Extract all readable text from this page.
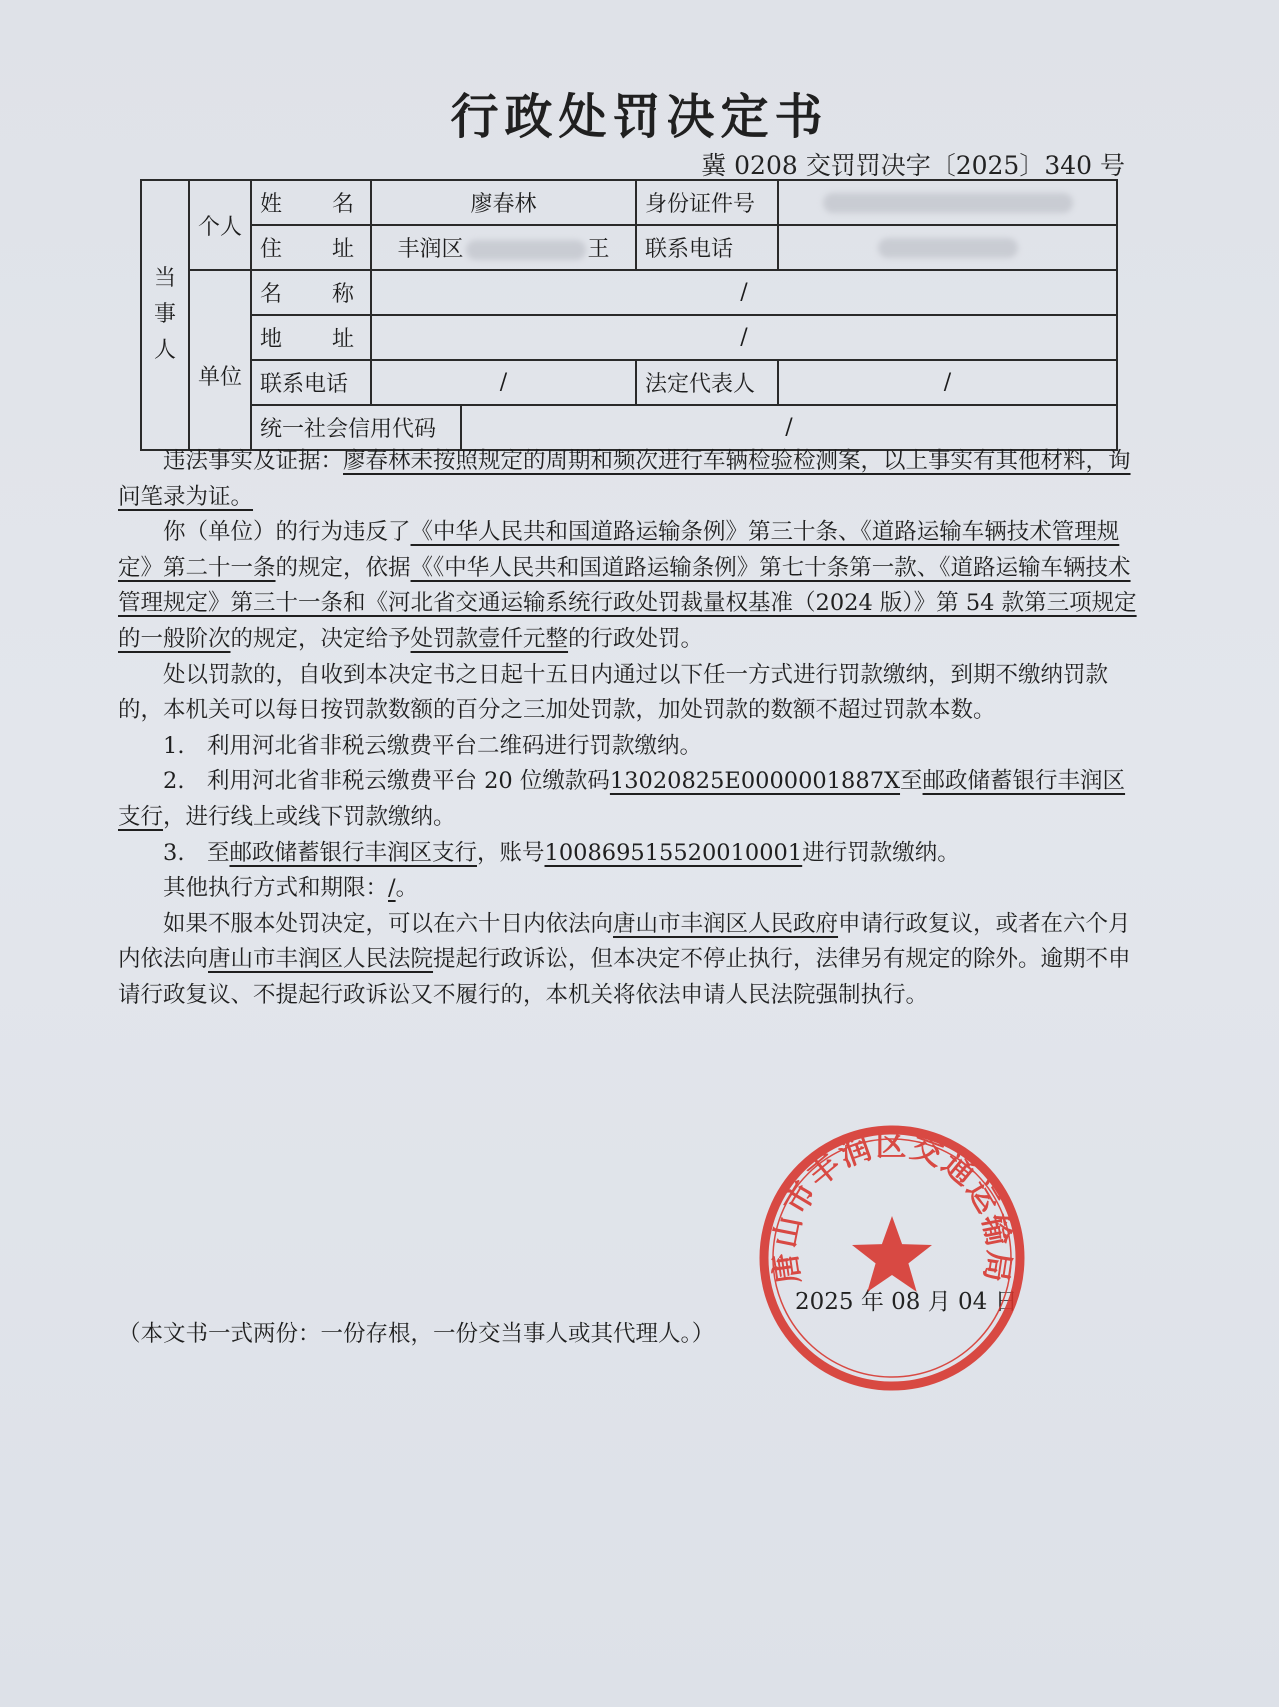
行政处罚决定书
冀 0208 交罚罚决字〔2025〕340 号
当事人	个人	姓　　名	廖春林		身份证件号	
		住　　址	丰润区 王		联系电话	
	单位	名　　称	/			
		地　　址	/			
		联系电话	/		法定代表人	/
		统一社会信用代码		/		

违法事实及证据：廖春林未按照规定的周期和频次进行车辆检验检测案，以上事实有其他材料，询问笔录为证。

你（单位）的行为违反了《中华人民共和国道路运输条例》第三十条、《道路运输车辆技术管理规定》第二十一条的规定，依据《《中华人民共和国道路运输条例》第七十条第一款、《道路运输车辆技术管理规定》第三十一条和《河北省交通运输系统行政处罚裁量权基准（2024 版）》第 54 款第三项规定的一般阶次的规定，决定给予处罚款壹仟元整的行政处罚。

处以罚款的，自收到本决定书之日起十五日内通过以下任一方式进行罚款缴纳，到期不缴纳罚款的，本机关可以每日按罚款数额的百分之三加处罚款，加处罚款的数额不超过罚款本数。

1.　利用河北省非税云缴费平台二维码进行罚款缴纳。

2.　利用河北省非税云缴费平台 20 位缴款码13020825E0000001887X至邮政储蓄银行丰润区支行，进行线上或线下罚款缴纳。

3.　至邮政储蓄银行丰润区支行，账号100869515520010001进行罚款缴纳。

其他执行方式和期限：/。

如果不服本处罚决定，可以在六十日内依法向唐山市丰润区人民政府申请行政复议，或者在六个月内依法向唐山市丰润区人民法院提起行政诉讼，但本决定不停止执行，法律另有规定的除外。逾期不申请行政复议、不提起行政诉讼又不履行的，本机关将依法申请人民法院强制执行。

2025 年 08 月 04 日
（本文书一式两份：一份存根，一份交当事人或其代理人。）
唐山市丰润区交通运输局
